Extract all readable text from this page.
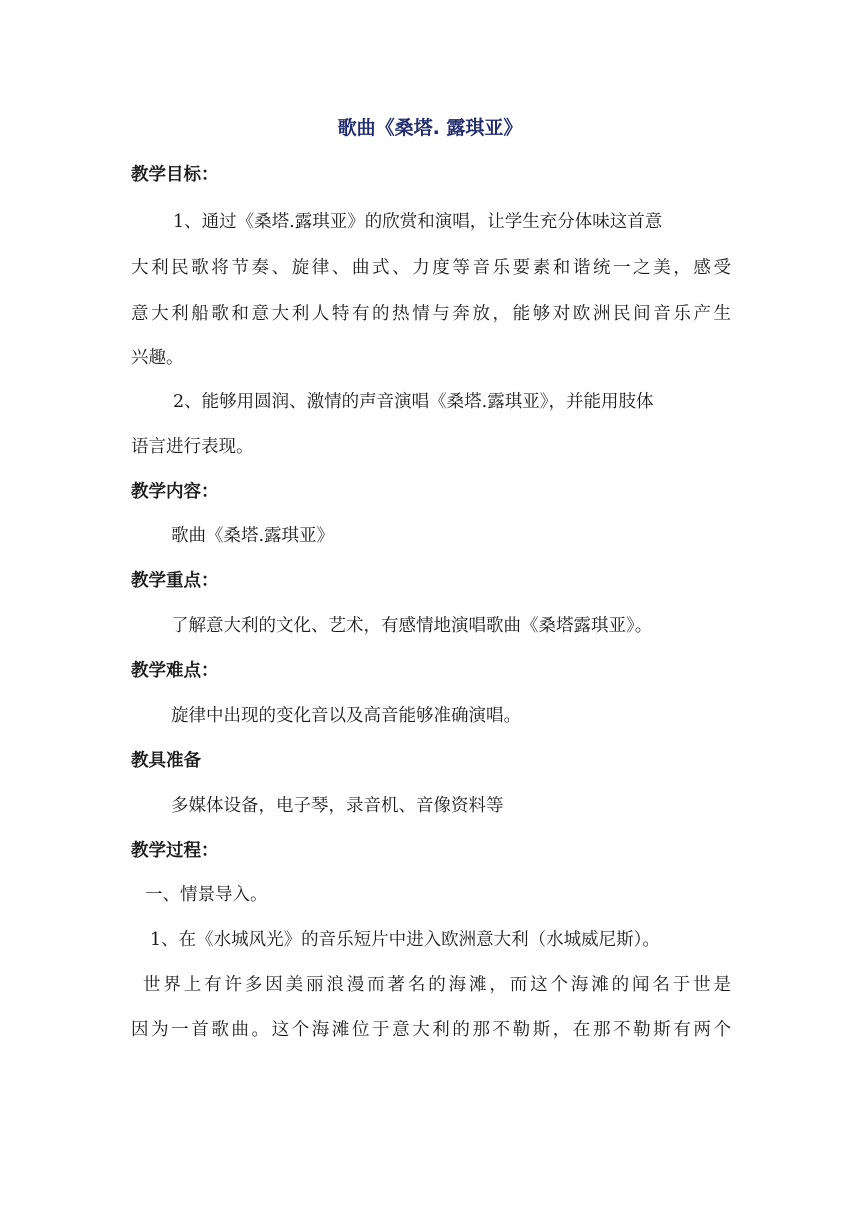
歌曲《桑塔. 露琪亚》
教学目标：
1、通过《桑塔.露琪亚》的欣赏和演唱，让学生充分体味这首意
大利民歌将节奏、旋律、曲式、力度等音乐要素和谐统一之美，感受
意大利船歌和意大利人特有的热情与奔放，能够对欧洲民间音乐产生
兴趣。
2、能够用圆润、激情的声音演唱《桑塔.露琪亚》，并能用肢体
语言进行表现。
教学内容：
歌曲《桑塔.露琪亚》
教学重点：
了解意大利的文化、艺术，有感情地演唱歌曲《桑塔露琪亚》。
教学难点：
旋律中出现的变化音以及高音能够准确演唱。
教具准备
多媒体设备，电子琴，录音机、音像资料等
教学过程：
一、情景导入。
1、在《水城风光》的音乐短片中进入欧洲意大利（水城威尼斯）。
世界上有许多因美丽浪漫而著名的海滩，而这个海滩的闻名于世是
因为一首歌曲。这个海滩位于意大利的那不勒斯，在那不勒斯有两个
